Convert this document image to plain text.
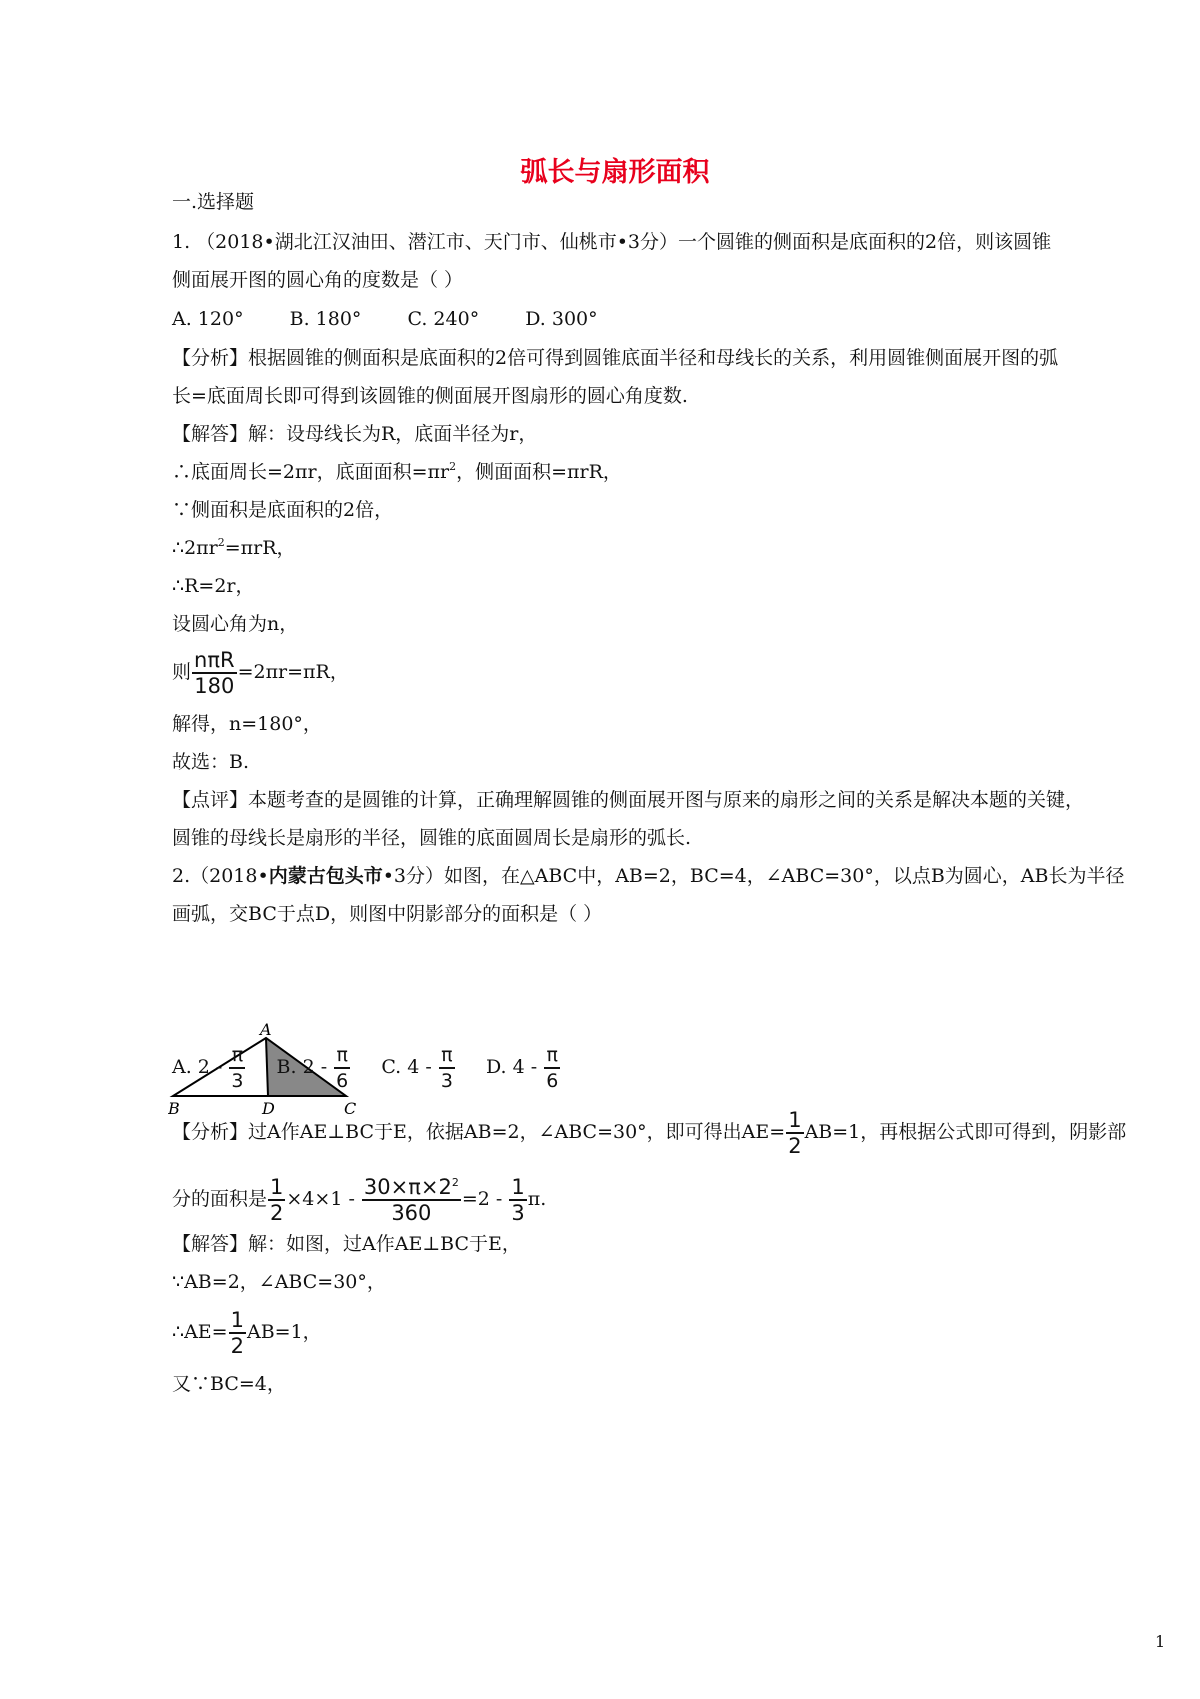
弧长与扇形面积
一.选择题
1. （2018•湖北江汉油田、潜江市、天门市、仙桃市•3分）一个圆锥的侧面积是底面积的2倍，则该圆锥
侧面展开图的圆心角的度数是（ ）
A. 120° B. 180° C. 240° D. 300°
【分析】根据圆锥的侧面积是底面积的2倍可得到圆锥底面半径和母线长的关系，利用圆锥侧面展开图的弧
长=底面周长即可得到该圆锥的侧面展开图扇形的圆心角度数.
【解答】解：设母线长为R，底面半径为r，
∴底面周长=2πr，底面面积$=\pi r^2$，侧面面积=πrR，
∵侧面积是底面积的2倍，
$\therefore 2\pi r^2=\pi rR$，
∴R=2r，
设圆心角为n，
则 $\frac{\text{nπR}}{180} =2\pi r=\pi R$，
解得，n=180°，
故选：B.
【点评】本题考查的是圆锥的计算，正确理解圆锥的侧面展开图与原来的扇形之间的关系是解决本题的关键，
圆锥的母线长是扇形的半径，圆锥的底面圆周长是扇形的弧长.
2.（2018•内蒙古包头市•3分）如图，在△ABC中，AB=2，BC=4，∠ABC=30°，以点B为圆心，AB长为半径
画弧，交BC于点D，则图中阴影部分的面积是（ ）
A
B	D	C
A. $2 - \frac{\pi}{3} B$. $2 - \frac{\pi}{6} C$. $4 - \frac{\pi}{3} D$. $4 - \frac{\pi}{6}$
【分析】过A作AE⊥BC于E，依据AB=2，∠ABC=30°，即可得出$AE= \frac{1}{2} AB=1$，再根据公式即可得到，阴影部
分的面积是 $\frac{1}{2} \times 4\times 1 - \frac{30\times\pi\times 2^2}{360} =2 - \frac{1}{3} \pi$.
【解答】解：如图，过A作AE⊥BC于E，
∵AB=2，∠ABC=30°，
∴AE= $\frac{1}{2} AB=1$，
又∵BC=4，
1
